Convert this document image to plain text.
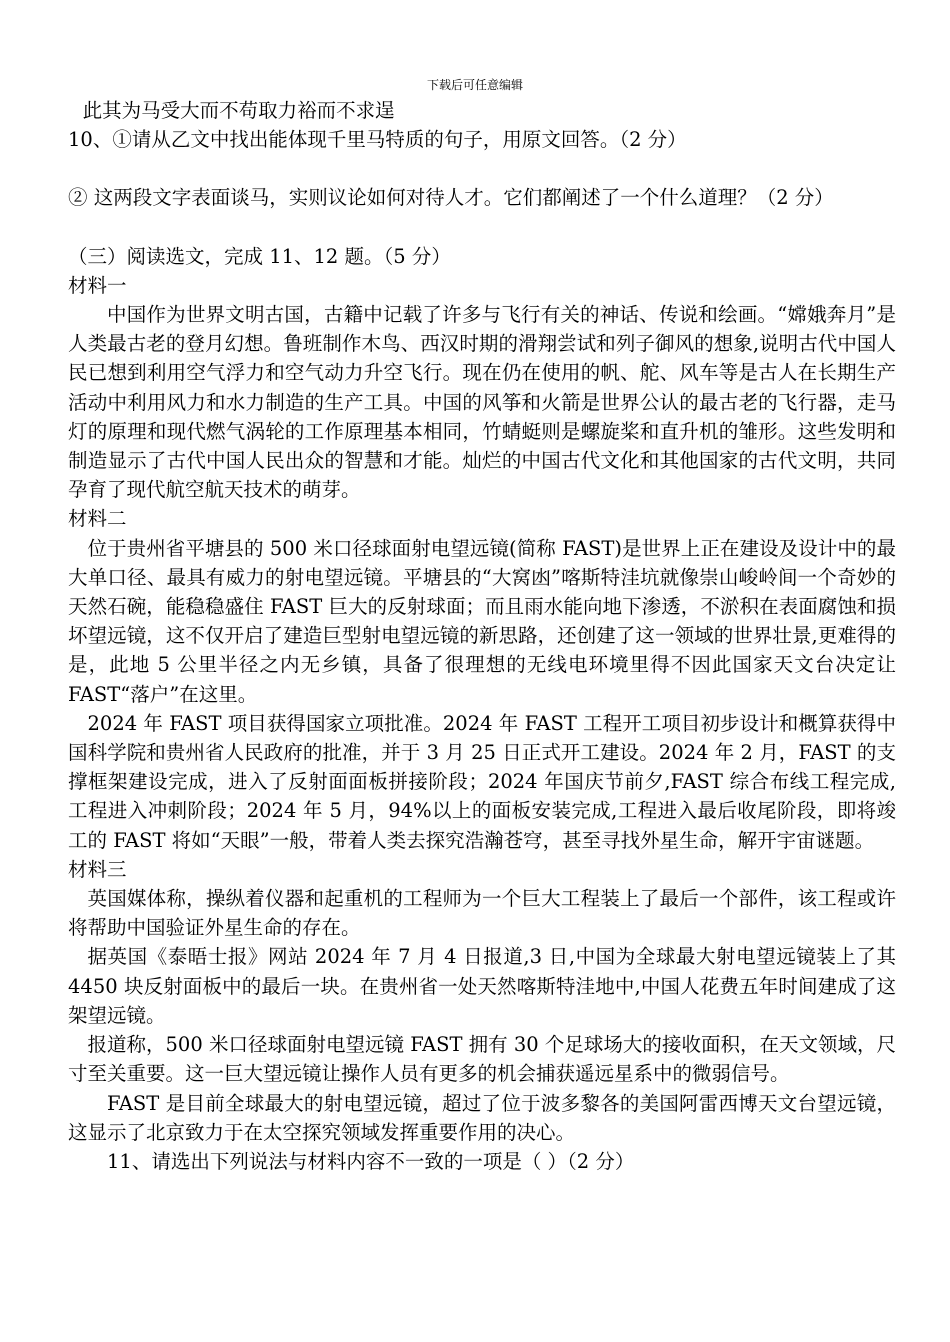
下载后可任意编辑

此其为马受大而不苟取力裕而不求逞

10、①请从乙文中找出能体现千里马特质的句子，用原文回答。（2 分）

② 这两段文字表面谈马，实则议论如何对待人才。它们都阐述了一个什么道理？（2 分）

（三）阅读选文，完成 11、12 题。（5 分）

材料一

中国作为世界文明古国，古籍中记载了许多与飞行有关的神话、传说和绘画。“嫦娥奔月”是人类最古老的登月幻想。鲁班制作木鸟、西汉时期的滑翔尝试和列子御风的想象,说明古代中国人民已想到利用空气浮力和空气动力升空飞行。现在仍在使用的帆、舵、风车等是古人在长期生产活动中利用风力和水力制造的生产工具。中国的风筝和火箭是世界公认的最古老的飞行器，走马灯的原理和现代燃气涡轮的工作原理基本相同，竹蜻蜓则是螺旋桨和直升机的雏形。这些发明和制造显示了古代中国人民出众的智慧和才能。灿烂的中国古代文化和其他国家的古代文明，共同孕育了现代航空航天技术的萌芽。

材料二

位于贵州省平塘县的 500 米口径球面射电望远镜(简称 FAST)是世界上正在建设及设计中的最大单口径、最具有威力的射电望远镜。平塘县的“大窝凼”喀斯特洼坑就像崇山峻岭间一个奇妙的天然石碗，能稳稳盛住 FAST 巨大的反射球面；而且雨水能向地下渗透，不淤积在表面腐蚀和损坏望远镜，这不仅开启了建造巨型射电望远镜的新思路，还创建了这一领域的世界壮景,更难得的是，此地 5 公里半径之内无乡镇，具备了很理想的无线电环境里得不因此国家天文台决定让 FAST“落户”在这里。

2024 年 FAST 项目获得国家立项批准。2024 年 FAST 工程开工项目初步设计和概算获得中国科学院和贵州省人民政府的批准，并于 3 月 25 日正式开工建设。2024 年 2 月，FAST 的支撑框架建设完成，进入了反射面面板拼接阶段；2024 年国庆节前夕,FAST 综合布线工程完成,工程进入冲刺阶段；2024 年 5 月，94%以上的面板安装完成,工程进入最后收尾阶段，即将竣工的 FAST 将如“天眼”一般，带着人类去探究浩瀚苍穹，甚至寻找外星生命，解开宇宙谜题。

材料三

英国媒体称，操纵着仪器和起重机的工程师为一个巨大工程装上了最后一个部件，该工程或许将帮助中国验证外星生命的存在。

据英国《泰晤士报》网站 2024 年 7 月 4 日报道,3 日,中国为全球最大射电望远镜装上了其 4450 块反射面板中的最后一块。在贵州省一处天然喀斯特洼地中,中国人花费五年时间建成了这架望远镜。

报道称，500 米口径球面射电望远镜 FAST 拥有 30 个足球场大的接收面积，在天文领域，尺寸至关重要。这一巨大望远镜让操作人员有更多的机会捕获遥远星系中的微弱信号。

FAST 是目前全球最大的射电望远镜，超过了位于波多黎各的美国阿雷西博天文台望远镜，这显示了北京致力于在太空探究领域发挥重要作用的决心。

11、请选出下列说法与材料内容不一致的一项是（ ）（2 分）
